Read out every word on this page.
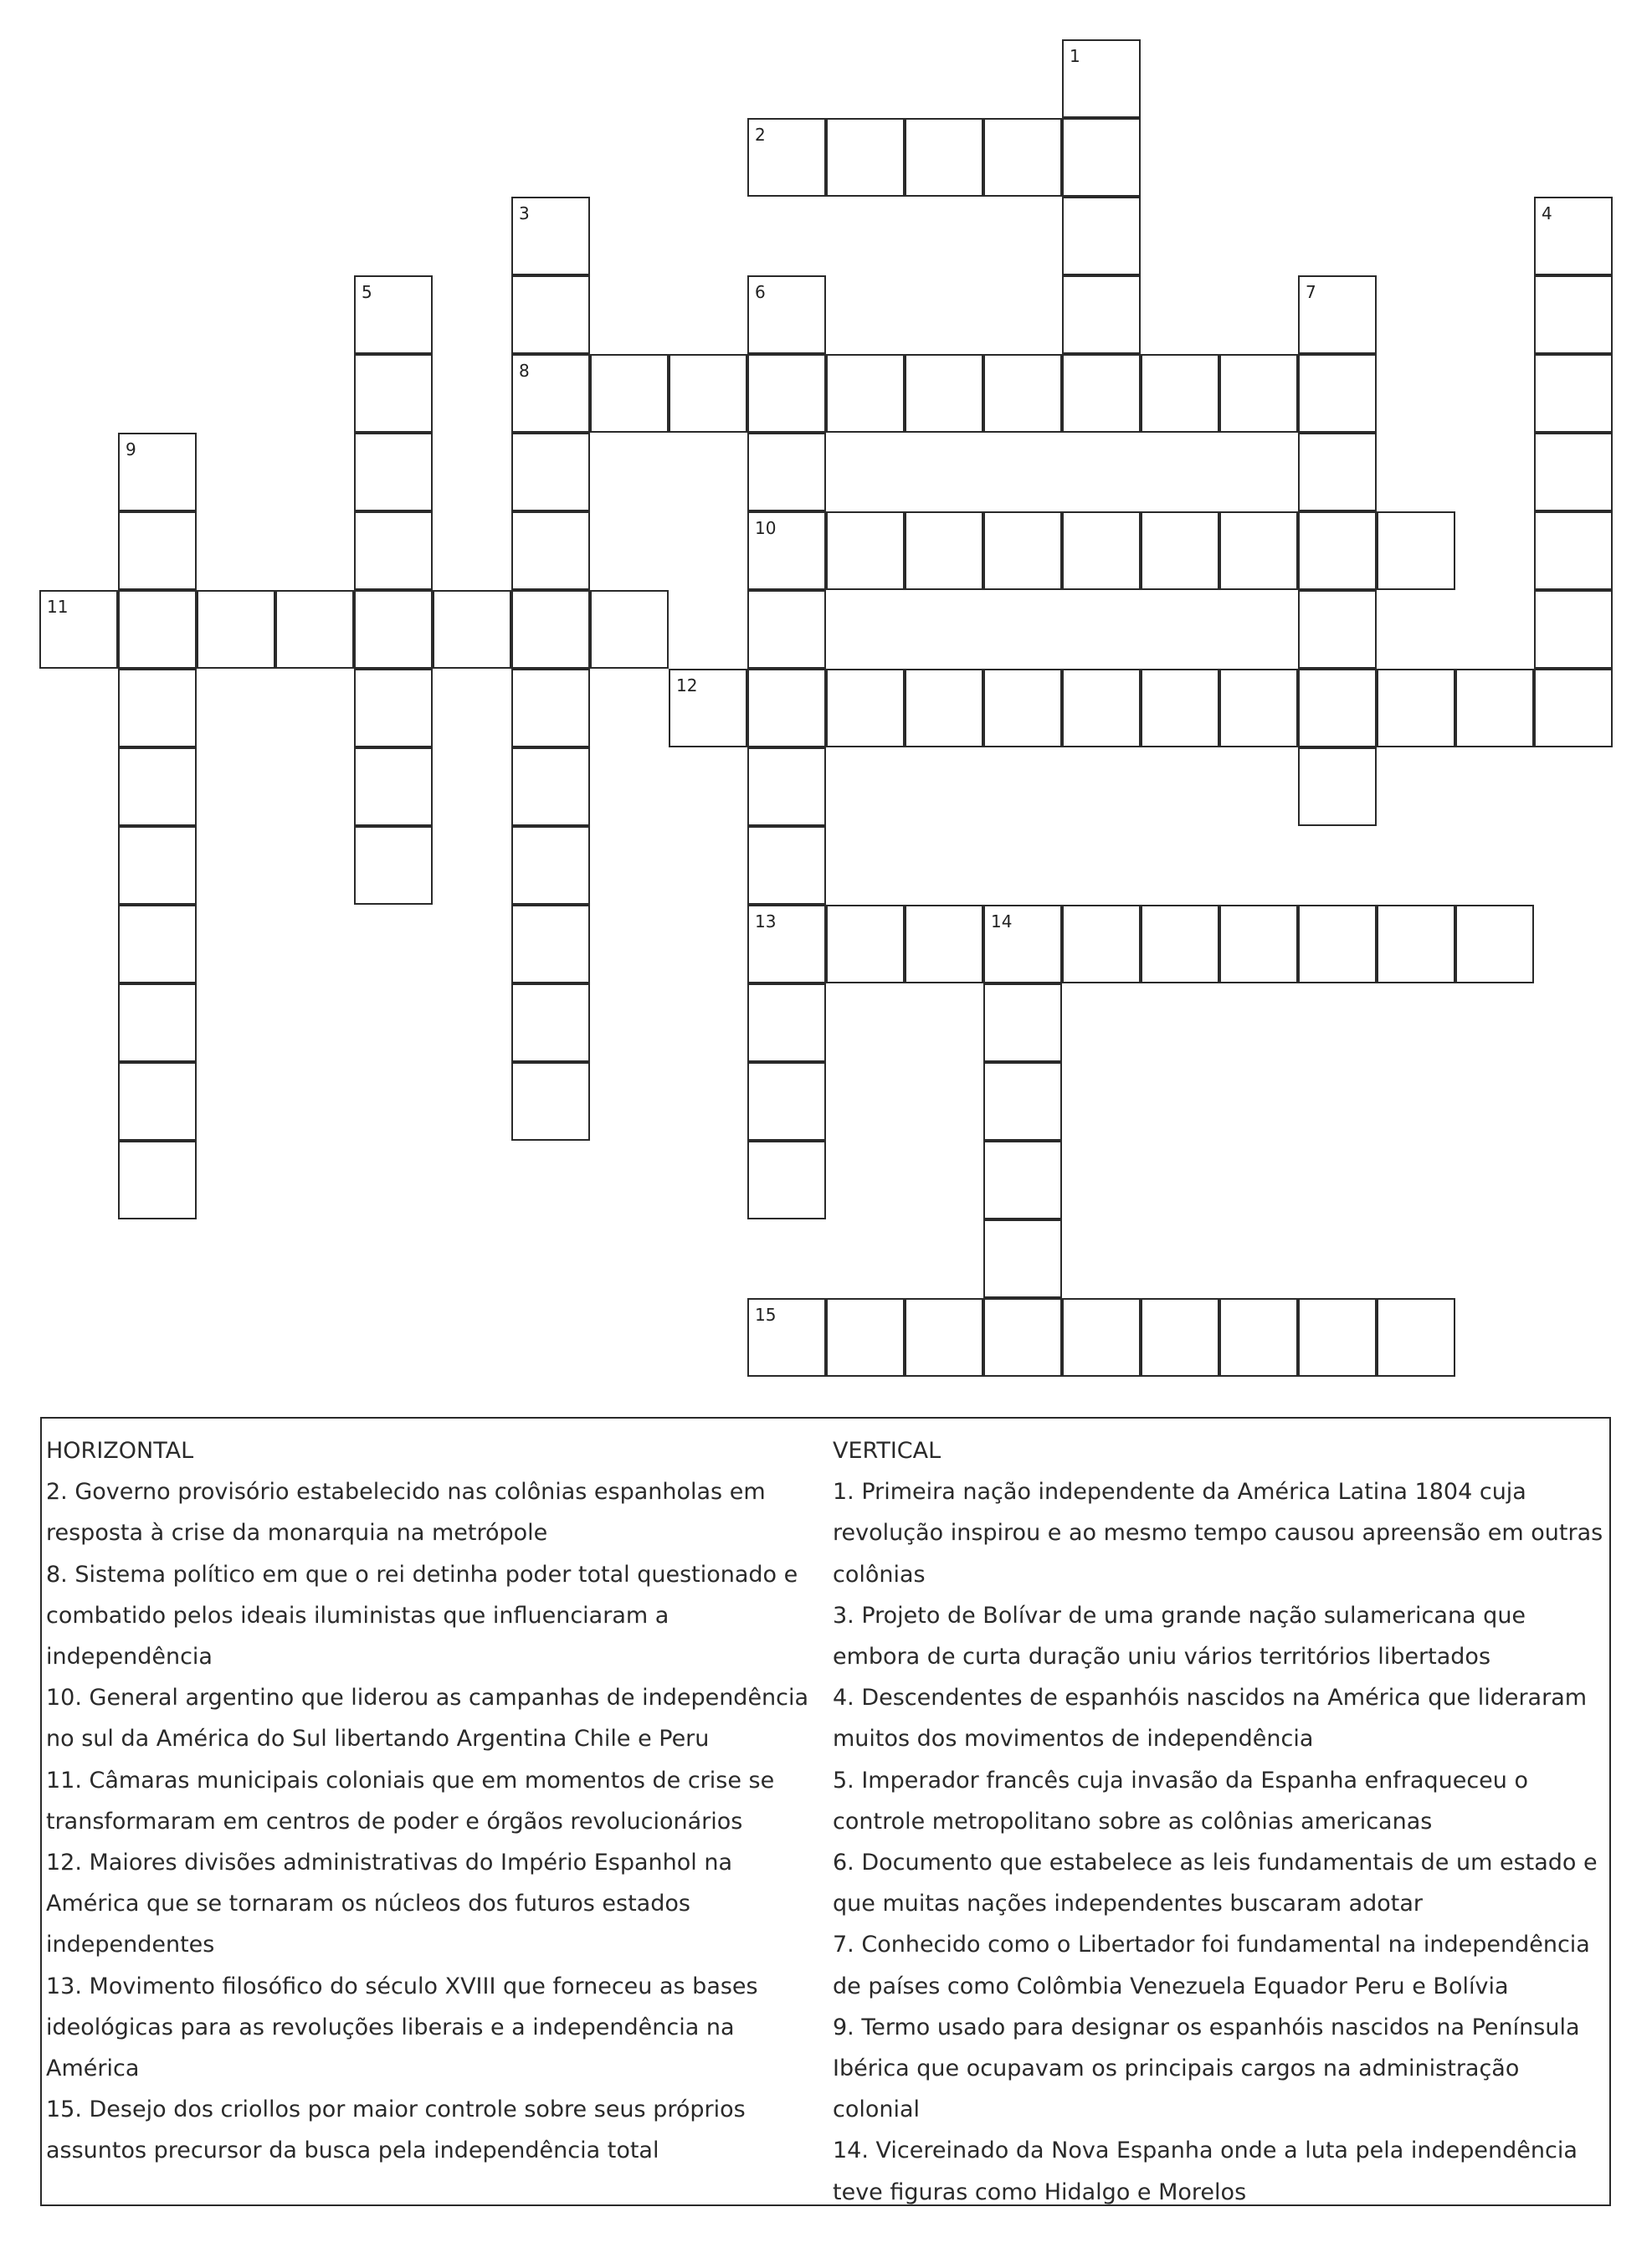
1
2
3	4
5	6	7
8
9
10
11
12
13	14
15

HORIZONTAL

2. Governo provisório estabelecido nas colônias espanholas em resposta à crise da monarquia na metrópole

8. Sistema político em que o rei detinha poder total questionado e combatido pelos ideais iluministas que influenciaram a independência

10. General argentino que liderou as campanhas de independência no sul da América do Sul libertando Argentina Chile e Peru

11. Câmaras municipais coloniais que em momentos de crise se transformaram em centros de poder e órgãos revolucionários

12. Maiores divisões administrativas do Império Espanhol na América que se tornaram os núcleos dos futuros estados independentes

13. Movimento filosófico do século XVIII que forneceu as bases ideológicas para as revoluções liberais e a independência na América

15. Desejo dos criollos por maior controle sobre seus próprios assuntos precursor da busca pela independência total

VERTICAL

1. Primeira nação independente da América Latina 1804 cuja revolução inspirou e ao mesmo tempo causou apreensão em outras colônias

3. Projeto de Bolívar de uma grande nação sulamericana que embora de curta duração uniu vários territórios libertados

4. Descendentes de espanhóis nascidos na América que lideraram muitos dos movimentos de independência

5. Imperador francês cuja invasão da Espanha enfraqueceu o controle metropolitano sobre as colônias americanas

6. Documento que estabelece as leis fundamentais de um estado e que muitas nações independentes buscaram adotar

7. Conhecido como o Libertador foi fundamental na independência de países como Colômbia Venezuela Equador Peru e Bolívia

9. Termo usado para designar os espanhóis nascidos na Península Ibérica que ocupavam os principais cargos na administração colonial

14. Vicereinado da Nova Espanha onde a luta pela independência teve figuras como Hidalgo e Morelos
